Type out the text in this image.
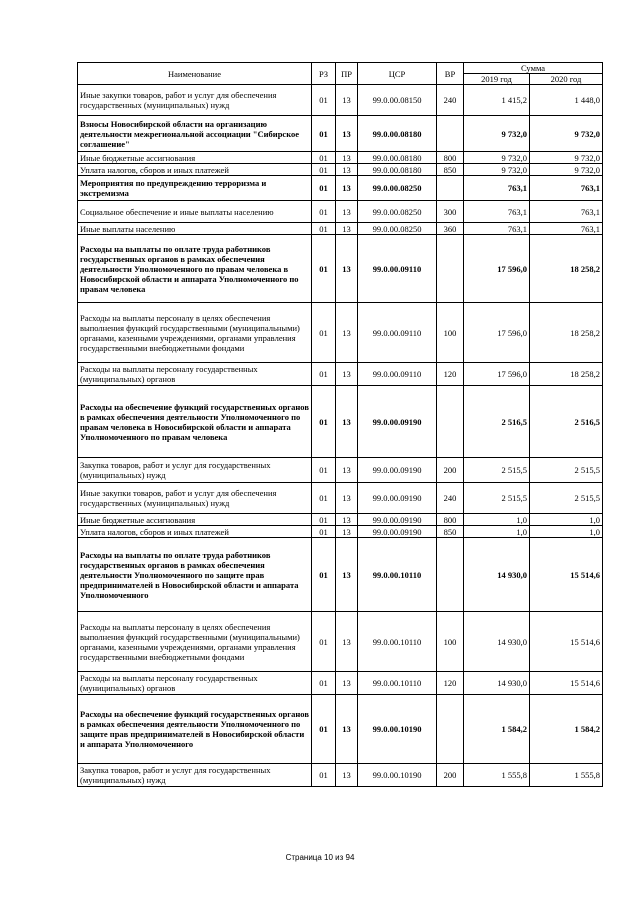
Наименование	РЗ	ПР	ЦСР	ВР	Сумма	
					2019 год	2020 год
Иные закупки товаров, работ и услуг для обеспечения государственных (муниципальных) нужд	01	13	99.0.00.08150	240	1 415,2	1 448,0
Взносы Новосибирской области на организацию деятельности межрегиональной ассоциации "Сибирское соглашение"	01	13	99.0.00.08180		9 732,0	9 732,0
Иные бюджетные ассигнования	01	13	99.0.00.08180	800	9 732,0	9 732,0
Уплата налогов, сборов и иных платежей	01	13	99.0.00.08180	850	9 732,0	9 732,0
Мероприятия по предупреждению терроризма и экстремизма	01	13	99.0.00.08250		763,1	763,1
Социальное обеспечение и иные выплаты населению	01	13	99.0.00.08250	300	763,1	763,1
Иные выплаты населению	01	13	99.0.00.08250	360	763,1	763,1
Расходы на выплаты по оплате труда работников государственных органов в рамках обеспечения деятельности Уполномоченного по правам человека в Новосибирской области и аппарата Уполномоченного по правам человека	01	13	99.0.00.09110		17 596,0	18 258,2
Расходы на выплаты персоналу в целях обеспечения выполнения функций государственными (муниципальными) органами, казенными учреждениями, органами управления государственными внебюджетными фондами	01	13	99.0.00.09110	100	17 596,0	18 258,2
Расходы на выплаты персоналу государственных (муниципальных) органов	01	13	99.0.00.09110	120	17 596,0	18 258,2
Расходы на обеспечение функций государственных органов в рамках обеспечения деятельности Уполномоченного по правам человека в Новосибирской области и аппарата Уполномоченного по правам человека	01	13	99.0.00.09190		2 516,5	2 516,5
Закупка товаров, работ и услуг для государственных (муниципальных) нужд	01	13	99.0.00.09190	200	2 515,5	2 515,5
Иные закупки товаров, работ и услуг для обеспечения государственных (муниципальных) нужд	01	13	99.0.00.09190	240	2 515,5	2 515,5
Иные бюджетные ассигнования	01	13	99.0.00.09190	800	1,0	1,0
Уплата налогов, сборов и иных платежей	01	13	99.0.00.09190	850	1,0	1,0
Расходы на выплаты по оплате труда работников государственных органов в рамках обеспечения деятельности Уполномоченного по защите прав предпринимателей в Новосибирской области и аппарата Уполномоченного	01	13	99.0.00.10110		14 930,0	15 514,6
Расходы на выплаты персоналу в целях обеспечения выполнения функций государственными (муниципальными) органами, казенными учреждениями, органами управления государственными внебюджетными фондами	01	13	99.0.00.10110	100	14 930,0	15 514,6
Расходы на выплаты персоналу государственных (муниципальных) органов	01	13	99.0.00.10110	120	14 930,0	15 514,6
Расходы на обеспечение функций государственных органов в рамках обеспечения деятельности Уполномоченного по защите прав предпринимателей в Новосибирской области и аппарата Уполномоченного	01	13	99.0.00.10190		1 584,2	1 584,2
Закупка товаров, работ и услуг для государственных (муниципальных) нужд	01	13	99.0.00.10190	200	1 555,8	1 555,8
Страница 10 из 94
